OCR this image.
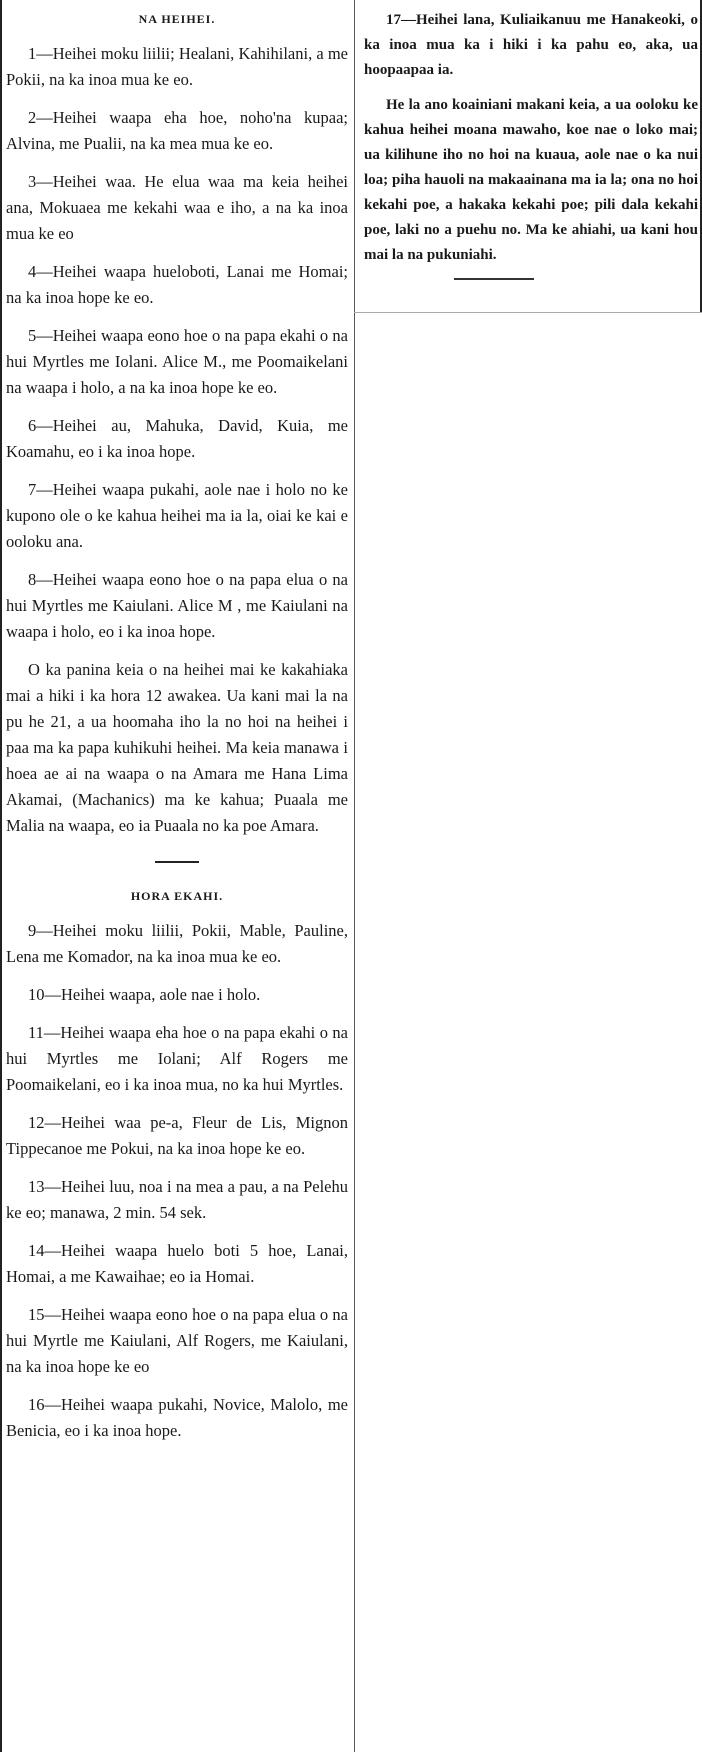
NA HEIHEI.

1—Heihei moku liilii; Healani, Kahihilani, a me Pokii, na ka inoa mua ke eo.

2—Heihei waapa eha hoe, noho'na kupaa; Alvina, me Pualii, na ka mea mua ke eo.

3—Heihei waa. He elua waa ma keia heihei ana, Mokuaea me kekahi waa e iho, a na ka inoa mua ke eo

4—Heihei waapa hueloboti, Lanai me Homai; na ka inoa hope ke eo.

5—Heihei waapa eono hoe o na papa ekahi o na hui Myrtles me Iolani. Alice M., me Poomaikelani na waapa i holo, a na ka inoa hope ke eo.

6—Heihei au, Mahuka, David, Kuia, me Koamahu, eo i ka inoa hope.

7—Heihei waapa pukahi, aole nae i holo no ke kupono ole o ke kahua heihei ma ia la, oiai ke kai e ooloku ana.

8—Heihei waapa eono hoe o na papa elua o na hui Myrtles me Kaiulani. Alice M , me Kaiulani na waapa i holo, eo i ka inoa hope.

O ka panina keia o na heihei mai ke kakahiaka mai a hiki i ka hora 12 awakea. Ua kani mai la na pu he 21, a ua hoomaha iho la no hoi na heihei i paa ma ka papa kuhikuhi heihei. Ma keia manawa i hoea ae ai na waapa o na Amara me Hana Lima Akamai, (Machanics) ma ke kahua; Puaala me Malia na waapa, eo ia Puaala no ka poe Amara.

HORA EKAHI.

9—Heihei moku liilii, Pokii, Mable, Pauline, Lena me Komador, na ka inoa mua ke eo.

10—Heihei waapa, aole nae i holo.

11—Heihei waapa eha hoe o na papa ekahi o na hui Myrtles me Iolani; Alf Rogers me Poomaikelani, eo i ka inoa mua, no ka hui Myrtles.

12—Heihei waa pe-a, Fleur de Lis, Mignon Tippecanoe me Pokui, na ka inoa hope ke eo.

13—Heihei luu, noa i na mea a pau, a na Pelehu ke eo; manawa, 2 min. 54 sek.

14—Heihei waapa huelo boti 5 hoe, Lanai, Homai, a me Kawaihae; eo ia Homai.

15—Heihei waapa eono hoe o na papa elua o na hui Myrtle me Kaiulani, Alf Rogers, me Kaiulani, na ka inoa hope ke eo

16—Heihei waapa pukahi, Novice, Malolo, me Benicia, eo i ka inoa hope.

17—Heihei lana, Kuliaikanuu me Hanakeoki, o ka inoa mua ka i hiki i ka pahu eo, aka, ua hoopaapaa ia.

He la ano koainiani makani keia, a ua ooloku ke kahua heihei moana mawaho, koe nae o loko mai; ua kilihune iho no hoi na kuaua, aole nae o ka nui loa; piha hauoli na makaainana ma ia la; ona no hoi kekahi poe, a hakaka kekahi poe; pili dala kekahi poe, laki no a puehu no. Ma ke ahiahi, ua kani hou mai la na pukuniahi.
